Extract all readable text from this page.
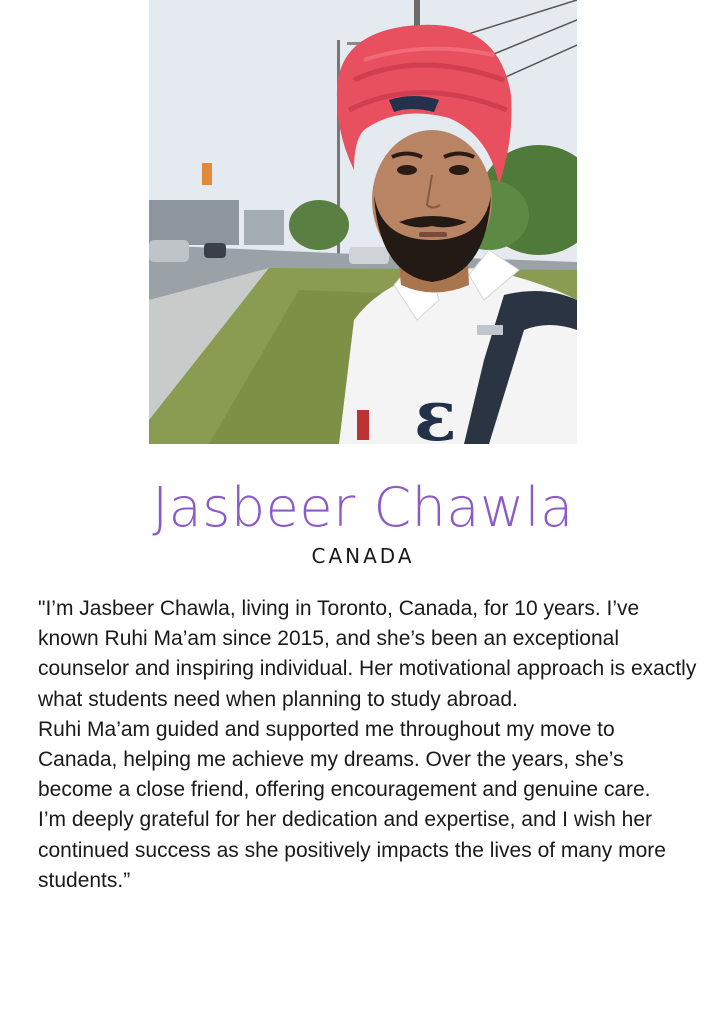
ε
Jasbeer Chawla
CANADA

"I’m Jasbeer Chawla, living in Toronto, Canada, for 10 years. I’ve known Ruhi Ma’am since 2015, and she’s been an exceptional counselor and inspiring individual. Her motivational approach is exactly what students need when planning to study abroad.

Ruhi Ma’am guided and supported me throughout my move to Canada, helping me achieve my dreams. Over the years, she’s become a close friend, offering encouragement and genuine care.

I’m deeply grateful for her dedication and expertise, and I wish her continued success as she positively impacts the lives of many more students.”
